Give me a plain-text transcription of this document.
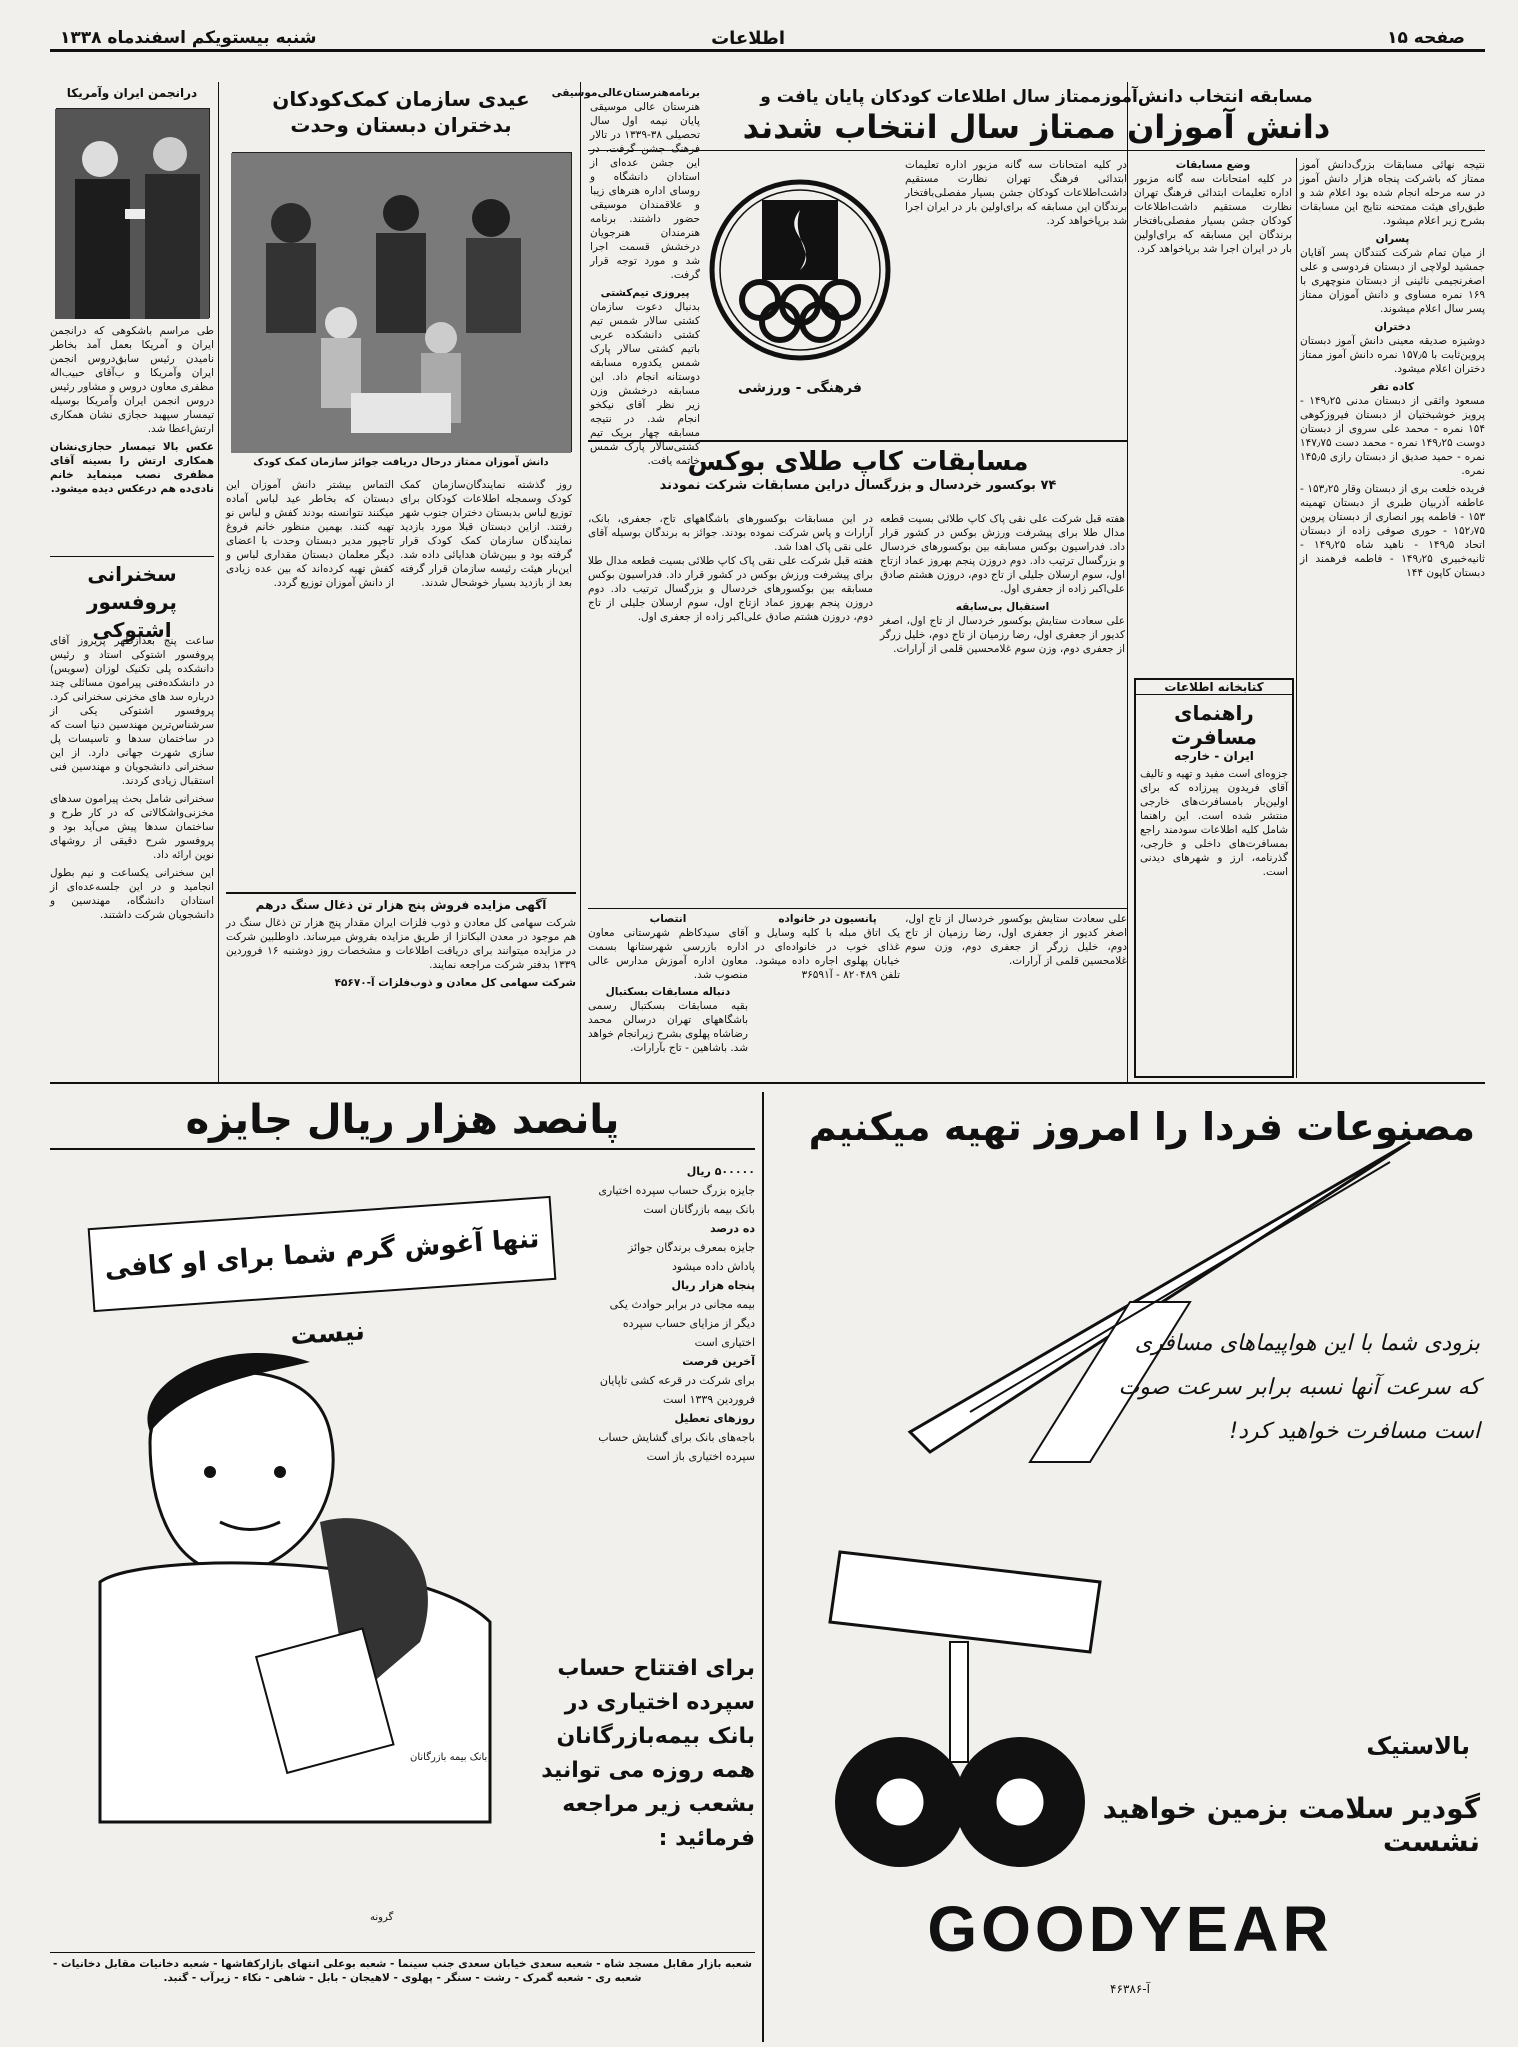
صفحه ۱۵
اطلاعات
شنبه بیستویکم اسفندماه ۱۳۳۸
مسابقه انتخاب دانش‌آموزممتاز سال اطلاعات کودکان پایان یافت و
دانش آموزان ممتاز سال انتخاب شدند
نتیجه نهائی مسابقات بزرگ‌دانش آموز ممتاز که باشرکت پنجاه هزار دانش آموز در سه مرحله انجام شده بود اعلام شد و طبق‌رای هیئت ممتحنه نتایج این مسابقات بشرح زیر اعلام میشود.
پسران
از میان تمام شرکت کنندگان پسر آقایان جمشید لولاچی از دبستان فردوسی و علی اصغرنجیمی نائینی از دبستان منوچهری با ۱۶۹ نمره مساوی و دانش آموزان ممتاز پسر سال اعلام میشوند.
دختران
دوشیزه صدیقه معینی دانش آموز دبستان پروین‌ثابت با ۱۵۷٫۵ نمره دانش آموز ممتاز دختران اعلام میشود.
کاده تفر
مسعود واثقی از دبستان مدنی ۱۴۹٫۲۵ - پرویز خوشبختیان از دبستان فیروزکوهی ۱۵۴ نمره - محمد علی سروی از دبستان دوست ۱۴۹٫۲۵ نمره - محمد دست ۱۴۷٫۷۵ نمره - حمید صدیق از دبستان رازی ۱۴۵٫۵ نمره.
فریده خلعت بری از دبستان وقار ۱۵۳٫۲۵ - عاطفه آذربیان طبری از دبستان تهمینه ۱۵۳ - فاطمه پور انصاری از دبستان پروین ۱۵۲٫۷۵ - حوری صوفی زاده از دبستان اتحاد ۱۴۹٫۵ - ناهید شاه ۱۴۹٫۲۵ - ثانیه‌خبیری ۱۴۹٫۲۵ - فاطمه فرهمند از دبستان کاپون ۱۴۴
وضع مسابقات
در کلیه امتحانات سه گانه مزبور اداره تعلیمات ابتدائی فرهنگ تهران نظارت مستقیم داشت‌اطلاعات کودکان جشن بسیار مفصلی‌بافتخار برندگان این مسابقه که برای‌اولین بار در ایران اجرا شد برپاخواهد کرد.
در کلیه امتحانات سه گانه مزبور اداره تعلیمات ابتدائی فرهنگ تهران نظارت مستقیم داشت‌اطلاعات کودکان جشن بسیار مفصلی‌بافتخار برندگان این مسابقه که برای‌اولین بار در ایران اجرا شد برپاخواهد کرد.
فرهنگی - ورزشی
مسابقات کاپ طلای بوکس
۷۴ بوکسور خردسال و بزرگسال دراین مسابقات شرکت نمودند
هفته قبل شرکت علی نقی پاک کاپ طلائی بسیت قطعه مدال طلا برای پیشرفت ورزش بوکس در کشور قرار داد. فدراسیون بوکس مسابقه بین بوکسورهای خردسال و بزرگسال ترتیب داد. دوم دروزن پنجم بهروز عماد ازتاج اول، سوم ارسلان جلیلی از تاج دوم، دروزن هشتم صادق علی‌اکبر زاده از جعفری اول.
استقبال بی‌سابقه
علی سعادت ستایش بوکسور خردسال از تاج اول، اصغر کدیور از جعفری اول، رضا رزمیان از تاج دوم، خلیل زرگر از جعفری دوم، وزن سوم غلامحسین قلمی از آرارات.
در این مسابقات بوکسورهای باشگاههای تاج، جعفری، بانک، آرارات و پاس شرکت نموده بودند. جوائز به برندگان بوسیله آقای علی نقی پاک اهدا شد.
هفته قبل شرکت علی نقی پاک کاپ طلائی بسیت قطعه مدال طلا برای پیشرفت ورزش بوکس در کشور قرار داد. فدراسیون بوکس مسابقه بین بوکسورهای خردسال و بزرگسال ترتیب داد. دوم دروزن پنجم بهروز عماد ازتاج اول، سوم ارسلان جلیلی از تاج دوم، دروزن هشتم صادق علی‌اکبر زاده از جعفری اول.
کتابخانه اطلاعات
راهنمای مسافرت
ایران - خارجه
جزوه‌ای است مفید و تهیه و تالیف آقای فریدون پیرزاده که برای اولین‌بار بامسافرت‌های خارجی منتشر شده است. این راهنما شامل کلیه اطلاعات سودمند راجع بمسافرت‌های داخلی و خارجی، گذرنامه، ارز و شهرهای دیدنی است.
علی سعادت ستایش بوکسور خردسال از تاج اول، اصغر کدیور از جعفری اول، رضا رزمیان از تاج دوم، خلیل زرگر از جعفری دوم، وزن سوم غلامحسین قلمی از آرارات.
پانسیون در خانواده
یک اتاق مبله با کلیه وسایل و غذای خوب در خانواده‌ای در خیابان پهلوی اجاره داده میشود. تلفن ۸۲۰۴۸۹ - آ۳۶۵۹۱
انتصاب
آقای سیدکاظم شهرستانی معاون اداره بازرسی شهرستانها بسمت معاون اداره آموزش مدارس عالی منصوب شد.
دنباله مسابقات بسکتبال
بقیه مسابقات بسکتبال رسمی باشگاههای تهران درسالن محمد رضاشاه پهلوی بشرح زیرانجام خواهد شد. باشاهین - تاج بآرارات.
عیدی سازمان کمک‌کودکان
بدختران دبستان وحدت
دانش آموزان ممتاز درحال دریافت جوائز سازمان کمک کودک
روز گذشته نمایندگان‌سازمان کمک کودک وسمجله اطلاعات کودکان برای توزیع لباس بدبستان دختران جنوب شهر رفتند. ازاین دبستان قبلا مورد بازدید نمایندگان سازمان کمک کودک قرار گرفته بود و ببین‌شان هدایائی داده شد. این‌بار هیئت رئیسه سازمان قرار گرفته بعد از بازدید بسیار خوشحال شدند.
التماس بیشتر دانش آموزان این دبستان که بخاطر عید لباس آماده میکنند نتوانسته بودند کفش و لباس نو تهیه کنند. بهمین منظور خانم فروغ تاجپور مدیر دبستان وحدت با اعضای دیگر معلمان دبستان مقداری لباس و کفش تهیه کرده‌اند که بین عده زیادی از دانش آموزان توزیع گردد.
آگهی مزایده فروش پنج هزار تن ذغال سنگ درهم
شرکت سهامی کل معادن و ذوب فلزات ایران مقدار پنج هزار تن ذغال سنگ در هم موجود در معدن البکانزا از طریق مزایده بفروش میرساند. داوطلبین شرکت در مزایده میتوانند برای دریافت اطلاعات و مشخصات روز دوشنبه ۱۶ فروردین ۱۳۳۹ بدفتر شرکت مراجعه نمایند.
شرکت سهامی کل معادن و ذوب‌فلزات آ-۴۵۶۷۰
درانجمن ایران وآمریکا
طی مراسم باشکوهی که درانجمن ایران و آمریکا بعمل آمد بخاطر نامیدن رئیس سابق‌دروس انجمن ایران وآمریکا و ب‌آقای حبیب‌اله مظفری معاون دروس و مشاور رئیس دروس انجمن ایران وآمریکا بوسیله تیمسار سپهبد حجازی نشان همکاری ارتش‌اعطا شد.
عکس بالا تیمسار حجازی‌نشان همکاری ارتش را بسینه آقای مظفری نصب مینماید خانم نادی‌ده هم در‌عکس دیده میشود.
سخنرانی
پروفسور اشتوکی
ساعت پنج بعدازظهر پریروز آقای پروفسور اشتوکی استاد و رئیس دانشکده پلی تکنیک لوزان (سویس) در دانشکده‌فنی پیرامون مسائلی چند درباره سد های مخزنی سخنرانی کرد. پروفسور اشتوکی یکی از سرشناس‌ترین مهندسین دنیا است که در ساختمان سدها و تاسیسات پل سازی شهرت جهانی دارد. از این سخنرانی دانشجویان و مهندسین فنی استقبال زیادی کردند.
سخنرانی شامل بحث پیرامون سدهای مخزنی‌واشکالاتی که در کار طرح و ساختمان سدها پیش می‌آید بود و پروفسور شرح دقیقی از روشهای نوین ارائه داد.
این سخنرانی یکساعت و نیم بطول انجامید و در این جلسه‌عده‌ای از استادان دانشگاه، مهندسین و دانشجویان شرکت داشتند.
پانصد هزار ریال جایزه
تنها آغوش گرم شما برای او کافی نیست
بانک بیمه بازرگانان
گرونه
۵۰۰۰۰۰ ریال
جایزه بزرگ حساب سپرده اختیاری
بانک بیمه بازرگانان است
ده درصد
جایزه بمعرف برندگان جوائز
پاداش داده میشود
پنجاه هزار ریال
بیمه مجانی در برابر حوادث یکی
دیگر از مزایای حساب سپرده
اختیاری است
آخرین فرصت
برای شرکت در قرعه کشی تاپایان
فروردین ۱۳۳۹ است
روزهای تعطیل
باجه‌های بانک برای گشایش حساب
سپرده اختیاری باز است
برای افتتاح حساب سپرده اختیاری در بانک بیمه‌بازرگانان همه روزه می توانید بشعب زیر مراجعه فرمائید :
شعبه بازار مقابل مسجد شاه - شعبه سعدی خیابان سعدی جنب سینما - شعبه بوعلی انتهای بازارکفاشها - شعبه دخانیات مقابل دخانیات - شعبه ری - شعبه گمرک - رشت - سنگر - پهلوی - لاهیجان - بابل - شاهی - نکاء - زیرآب - گنبد.
مصنوعات فردا را امروز تهیه میکنیم
بزودی شما با این هواپیماهای مسافری
که سرعت آنها نسبه برابر سرعت صوت
است مسافرت خواهید کرد!
بالاستیک
گودیر سلامت بزمین خواهید نشست
GOODYEAR
آ-۴۶۳۸۶
برنامه‌هنرستان‌عالی‌موسیقی
هنرستان عالی موسیقی پایان نیمه اول سال تحصیلی ۳۸-۱۳۳۹ در تالار فرهنگ جشن گرفت. در این جشن عده‌ای از استادان دانشگاه و روسای اداره هنرهای زیبا و علاقمندان موسیقی حضور داشتند. برنامه هنرمندان هنرجویان درخشش قسمت اجرا شد و مورد توجه قرار گرفت.
پیروزی تیم‌کشتی
بدنبال دعوت سازمان کشتی سالار شمس تیم کشتی دانشکده عربی باتیم کشتی سالار پارک شمس یکدوره مسابقه دوستانه انجام داد. این مسابقه درخشش وزن زیر نظر آقای نیکخو انجام شد. در نتیجه مسابقه چهار بریک تیم کشتی‌سالار پارک شمس خاتمه یافت.
